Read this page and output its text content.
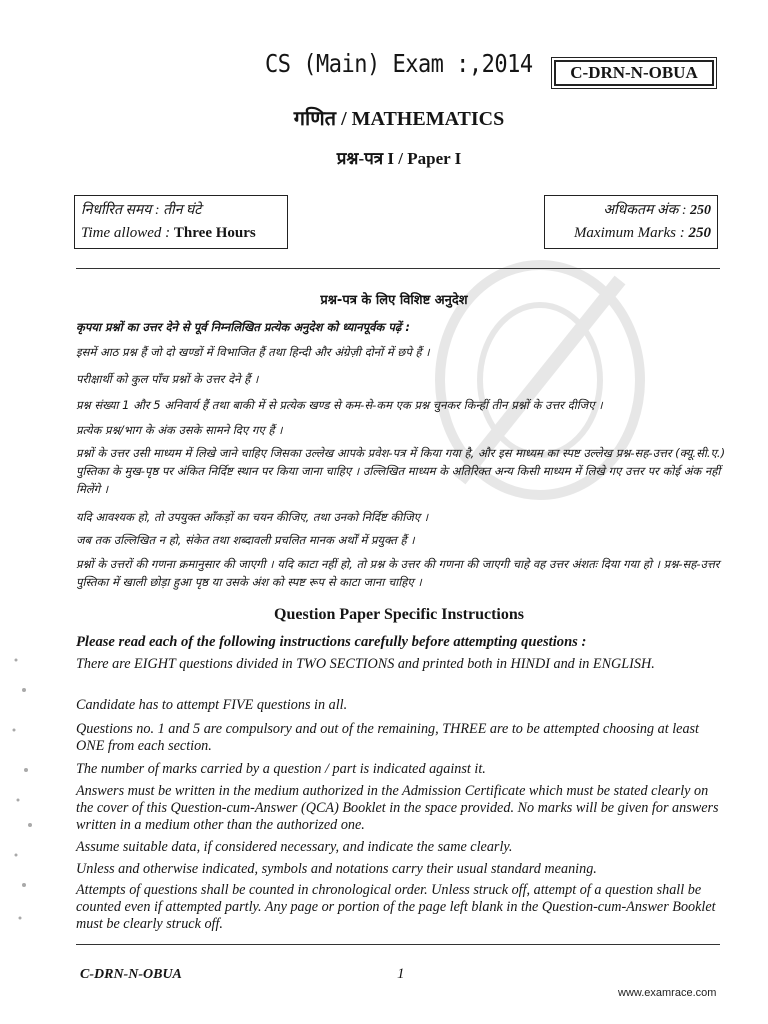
CS (Main) Exam :,2014	C-DRN-N-OBUA
गणित / MATHEMATICS
प्रश्न-पत्र I / Paper I
निर्धारित समय : तीन घंटे
Time allowed : Three Hours
अधिकतम अंक : 250
Maximum Marks : 250
प्रश्न-पत्र के लिए विशिष्ट अनुदेश
कृपया प्रश्नों का उत्तर देने से पूर्व निम्नलिखित प्रत्येक अनुदेश को ध्यानपूर्वक पढ़ें :
इसमें आठ प्रश्न हैं जो दो खण्डों में विभाजित हैं तथा हिन्दी और अंग्रेज़ी दोनों में छपे हैं ।
परीक्षार्थी को कुल पाँच प्रश्नों के उत्तर देने हैं ।
प्रश्न संख्या 1 और 5 अनिवार्य हैं तथा बाकी में से प्रत्येक खण्ड से कम-से-कम एक प्रश्न चुनकर किन्हीं तीन प्रश्नों के उत्तर दीजिए ।
प्रत्येक प्रश्न/भाग के अंक उसके सामने दिए गए हैं ।
प्रश्नों के उत्तर उसी माध्यम में लिखे जाने चाहिए जिसका उल्लेख आपके प्रवेश-पत्र में किया गया है, और इस माध्यम का स्पष्ट उल्लेख प्रश्न-सह-उत्तर (क्यू.सी.ए.) पुस्तिका के मुख-पृष्ठ पर अंकित निर्दिष्ट स्थान पर किया जाना चाहिए । उल्लिखित माध्यम के अतिरिक्त अन्य किसी माध्यम में लिखे गए उत्तर पर कोई अंक नहीं मिलेंगे ।
यदि आवश्यक हो, तो उपयुक्त आँकड़ों का चयन कीजिए, तथा उनको निर्दिष्ट कीजिए ।
जब तक उल्लिखित न हो, संकेत तथा शब्दावली प्रचलित मानक अर्थों में प्रयुक्त हैं ।
प्रश्नों के उत्तरों की गणना क्रमानुसार की जाएगी । यदि काटा नहीं हो, तो प्रश्न के उत्तर की गणना की जाएगी चाहे वह उत्तर अंशतः दिया गया हो । प्रश्न-सह-उत्तर पुस्तिका में खाली छोड़ा हुआ पृष्ठ या उसके अंश को स्पष्ट रूप से काटा जाना चाहिए ।
Question Paper Specific Instructions
Please read each of the following instructions carefully before attempting questions :
There are EIGHT questions divided in TWO SECTIONS and printed both in HINDI and in ENGLISH.
Candidate has to attempt FIVE questions in all.
Questions no. 1 and 5 are compulsory and out of the remaining, THREE are to be attempted choosing at least ONE from each section.
The number of marks carried by a question / part is indicated against it.
Answers must be written in the medium authorized in the Admission Certificate which must be stated clearly on the cover of this Question-cum-Answer (QCA) Booklet in the space provided. No marks will be given for answers written in a medium other than the authorized one.
Assume suitable data, if considered necessary, and indicate the same clearly.
Unless and otherwise indicated, symbols and notations carry their usual standard meaning.
Attempts of questions shall be counted in chronological order. Unless struck off, attempt of a question shall be counted even if attempted partly. Any page or portion of the page left blank in the Question-cum-Answer Booklet must be clearly struck off.
C-DRN-N-OBUA	1
www.examrace.com
